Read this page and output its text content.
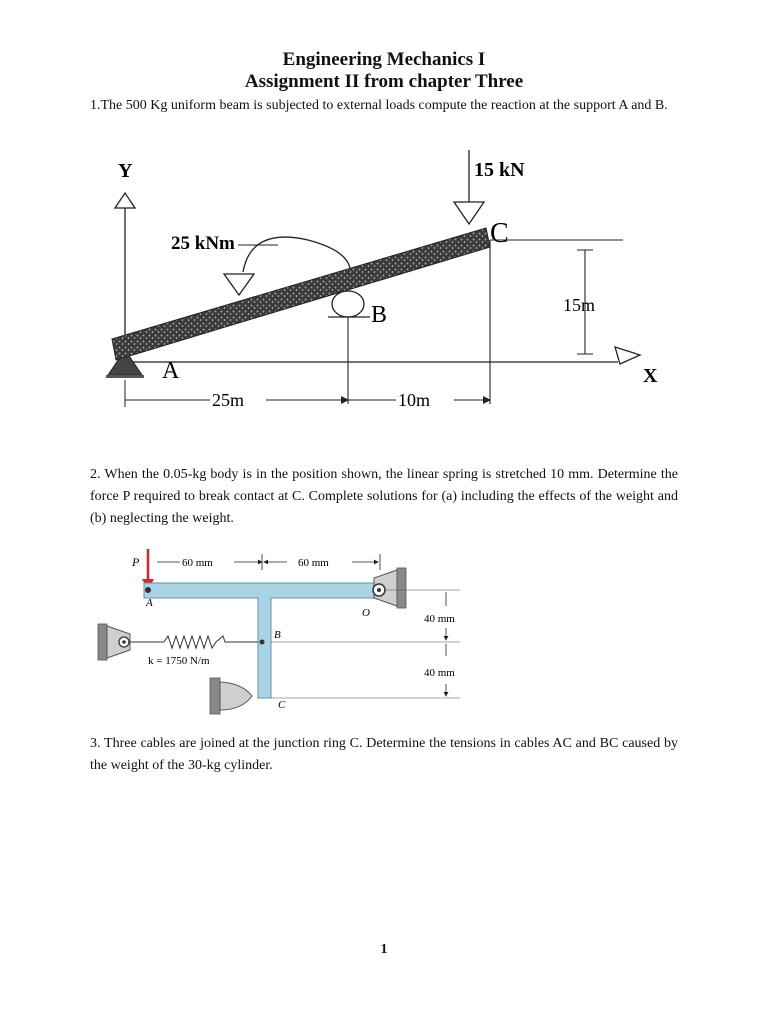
Engineering Mechanics I
Assignment II from chapter Three
1.The 500 Kg uniform beam is subjected to external loads compute the reaction at the support A and B.
Y
X
A
B
25 kNm
15 kN
C
15m
25m	10m
2. When the 0.05-kg body is in the position shown, the linear spring is stretched 10 mm. Determine the force P required to break contact at C. Complete solutions for (a) including the effects of the weight and (b) neglecting the weight.
60 mm	60 mm
P
A
O
B
k = 1750 N/m
C
40 mm
40 mm
3. Three cables are joined at the junction ring C. Determine the tensions in cables AC and BC caused by the weight of the 30-kg cylinder.
1
